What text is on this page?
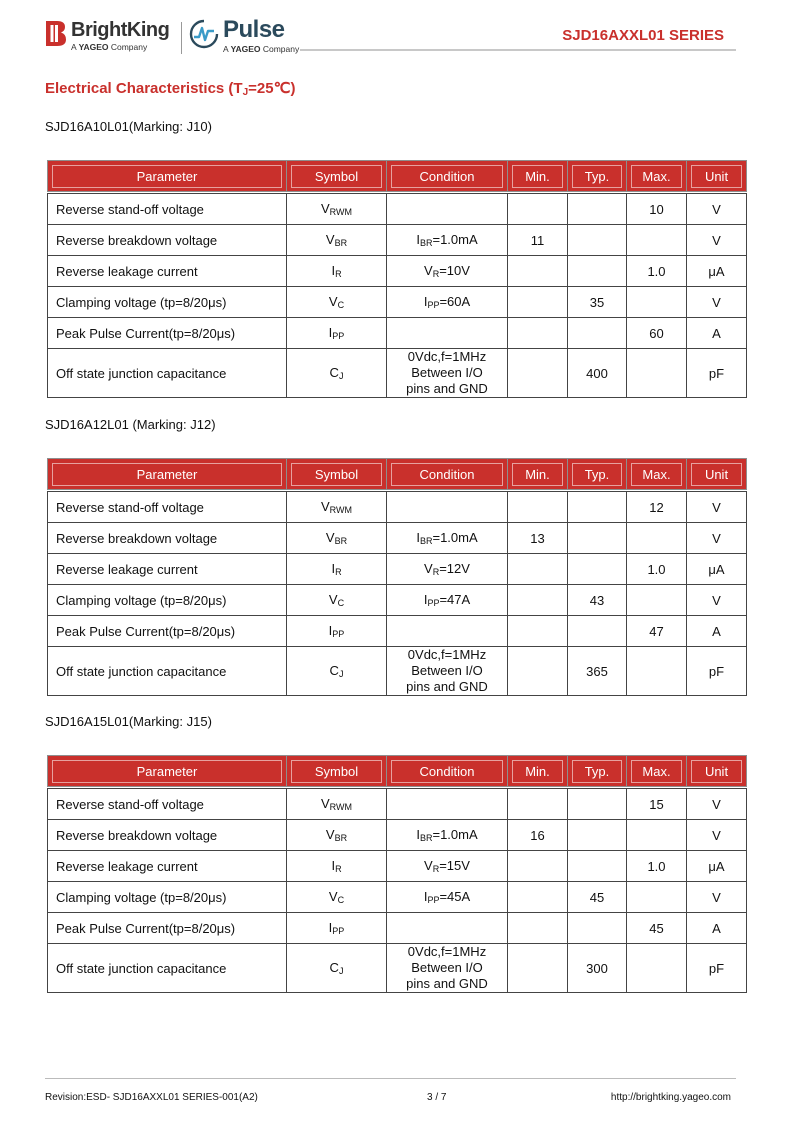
BrightKing
A YAGEO Company
Pulse
A YAGEO Company
SJD16AXXL01 SERIES
Electrical Characteristics $(T_J=25℃)$
SJD16A10L01(Marking: J10)
Parameter	Symbol	Condition	Min.	Typ.	Max.	Unit

Reverse stand-off voltage	$V_{RWM}$				10	V
Reverse breakdown voltage	$V_{BR}$	$I_{BR}=1.0mA$	11			V
Reverse leakage current	$I_R$	$V_R=10V$			1.0	μA
Clamping voltage (tp=8/20μs)	$V_C$	$I_{PP}=60A$		35		V
Peak Pulse Current(tp=8/20μs)	$I_{PP}$				60	A
Off state junction capacitance	$C_J$	0Vdc,f=1MHz
Between I/O
pins and GND		400		pF
SJD16A12L01 (Marking: J12)
Parameter	Symbol	Condition	Min.	Typ.	Max.	Unit

Reverse stand-off voltage	$V_{RWM}$				12	V
Reverse breakdown voltage	$V_{BR}$	$I_{BR}=1.0mA$	13			V
Reverse leakage current	$I_R$	$V_R=12V$			1.0	μA
Clamping voltage (tp=8/20μs)	$V_C$	$I_{PP}=47A$		43		V
Peak Pulse Current(tp=8/20μs)	$I_{PP}$				47	A
Off state junction capacitance	$C_J$	0Vdc,f=1MHz
Between I/O
pins and GND		365		pF
SJD16A15L01(Marking: J15)
Parameter	Symbol	Condition	Min.	Typ.	Max.	Unit

Reverse stand-off voltage	$V_{RWM}$				15	V
Reverse breakdown voltage	$V_{BR}$	$I_{BR}=1.0mA$	16			V
Reverse leakage current	$I_R$	$V_R=15V$			1.0	μA
Clamping voltage (tp=8/20μs)	$V_C$	$I_{PP}=45A$		45		V
Peak Pulse Current(tp=8/20μs)	$I_{PP}$				45	A
Off state junction capacitance	$C_J$	0Vdc,f=1MHz
Between I/O
pins and GND		300		pF
Revision:ESD- SJD16AXXL01 SERIES-001(A2)	3 / 7	http://brightking.yageo.com
